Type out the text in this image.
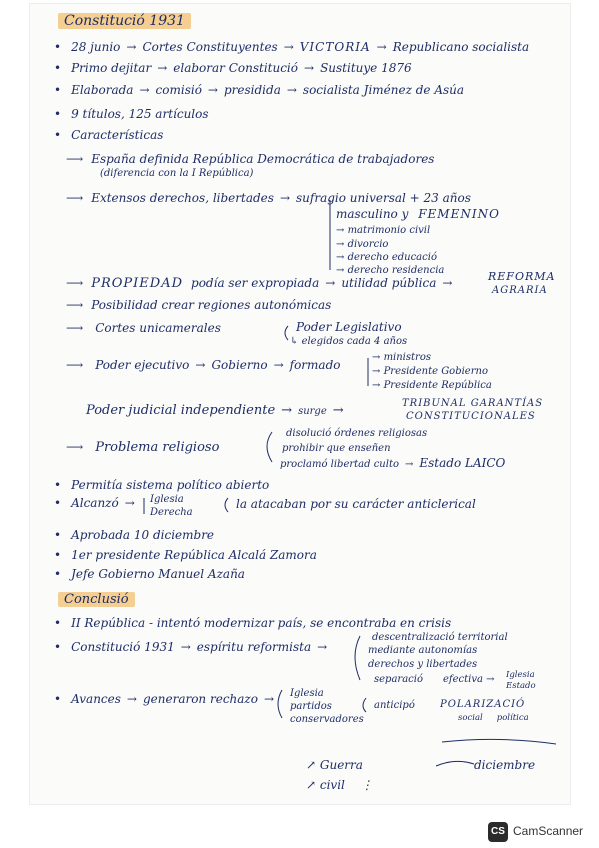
Constitució 1931
• 28 junio → Cortes Constituyentes → VICTORIA → Republicano socialista
• Primo dejitar → elaborar Constitució → Sustituye 1876
• Elaborada → comisió → presidida → socialista Jiménez de Asúa
• 9 títulos, 125 artículos
• Características
⟶ España definida República Democrática de trabajadores
(diferencia con la I República)
⟶ Extensos derechos, libertades → sufragio universal + 23 años
masculino y FEMENINO
→ matrimonio civil
→ divorcio
→ derecho educació
→ derecho residencia
⟶ PROPIEDAD podía ser expropiada → utilidad pública →	REFORMA
AGRARIA
⟶ Posibilidad crear regiones autonómicas
⟶ Cortes unicamerales	Poder Legislativo
↳ elegidos cada 4 años
⟶ Poder ejecutivo → Gobierno → formado
→ ministros
→ Presidente Gobierno
→ Presidente República
Poder judicial independiente → surge →	TRIBUNAL GARANTÍAS
CONSTITUCIONALES
⟶ Problema religioso
disolució órdenes religiosas
prohibir que enseñen
proclamó libertad culto → Estado LAICO
• Permitía sistema político abierto
• Alcanzó →	Iglesia
Derecha
la atacaban por su carácter anticlerical
• Aprobada 10 diciembre
• 1er presidente República Alcalá Zamora
• Jefe Gobierno Manuel Azaña
Conclusió
• II República - intentó modernizar país, se encontraba en crisis
• Constitució 1931 → espíritu reformista →
descentralizació territorial
mediante autonomías
derechos y libertades
separació efectiva → Iglesia
Estado
• Avances → generaron rechazo →	Iglesia
partidos
conservadores
anticipó	POLARIZACIÓ
social política
↗ Guerra
↗ civil ⋮
diciembre
CS CamScanner
